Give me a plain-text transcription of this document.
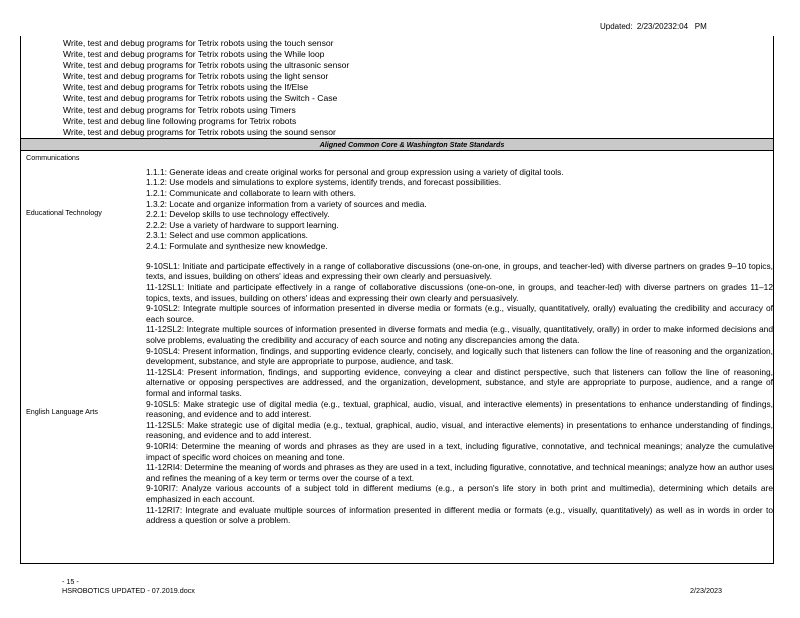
Updated:  2/23/20232:04   PM
Write, test and debug programs for Tetrix robots using the touch sensor
Write, test and debug programs for Tetrix robots using the While loop
Write, test and debug programs for Tetrix robots using the ultrasonic sensor
Write, test and debug programs for Tetrix robots using the light sensor
Write, test and debug programs for Tetrix robots using the If/Else
Write, test and debug programs for Tetrix robots using the Switch - Case
Write, test and debug programs for Tetrix robots using Timers
Write, test and debug line following programs for Tetrix robots
Write, test and debug programs for Tetrix robots using the sound sensor
Aligned Common Core & Washington State Standards
Communications
Educational Technology
1.1.1: Generate ideas and create original works for personal and group expression using a variety of digital tools.
1.1.2: Use models and simulations to explore systems, identify trends, and forecast possibilities.
1.2.1: Communicate and collaborate to learn with others.
1.3.2: Locate and organize information from a variety of sources and media.
2.2.1: Develop skills to use technology effectively.
2.2.2: Use a variety of hardware to support learning.
2.3.1: Select and use common applications.
2.4.1: Formulate and synthesize new knowledge.
English Language Arts
9-10SL1: Initiate and participate effectively in a range of collaborative discussions (one-on-one, in groups, and teacher-led) with diverse partners on grades 9–10 topics, texts, and issues, building on others' ideas and expressing their own clearly and persuasively.
11-12SL1: Initiate and participate effectively in a range of collaborative discussions (one-on-one, in groups, and teacher-led) with diverse partners on grades 11–12 topics, texts, and issues, building on others' ideas and expressing their own clearly and persuasively.
9-10SL2: Integrate multiple sources of information presented in diverse media or formats (e.g., visually, quantitatively, orally) evaluating the credibility and accuracy of each source.
11-12SL2: Integrate multiple sources of information presented in diverse formats and media (e.g., visually, quantitatively, orally) in order to make informed decisions and solve problems, evaluating the credibility and accuracy of each source and noting any discrepancies among the data.
9-10SL4: Present information, findings, and supporting evidence clearly, concisely, and logically such that listeners can follow the line of reasoning and the organization, development, substance, and style are appropriate to purpose, audience, and task.
11-12SL4: Present information, findings, and supporting evidence, conveying a clear and distinct perspective, such that listeners can follow the line of reasoning, alternative or opposing perspectives are addressed, and the organization, development, substance, and style are appropriate to purpose, audience, and a range of formal and informal tasks.
9-10SL5: Make strategic use of digital media (e.g., textual, graphical, audio, visual, and interactive elements) in presentations to enhance understanding of findings, reasoning, and evidence and to add interest.
11-12SL5: Make strategic use of digital media (e.g., textual, graphical, audio, visual, and interactive elements) in presentations to enhance understanding of findings, reasoning, and evidence and to add interest.
9-10RI4: Determine the meaning of words and phrases as they are used in a text, including figurative, connotative, and technical meanings; analyze the cumulative impact of specific word choices on meaning and tone.
11-12RI4: Determine the meaning of words and phrases as they are used in a text, including figurative, connotative, and technical meanings; analyze how an author uses and refines the meaning of a key term or terms over the course of a text.
9-10RI7: Analyze various accounts of a subject told in different mediums (e.g., a person's life story in both print and multimedia), determining which details are emphasized in each account.
11-12RI7: Integrate and evaluate multiple sources of information presented in different media or formats (e.g., visually, quantitatively) as well as in words in order to address a question or solve a problem.
- 15 -
HSROBOTICS UPDATED - 07.2019.docx	2/23/2023
